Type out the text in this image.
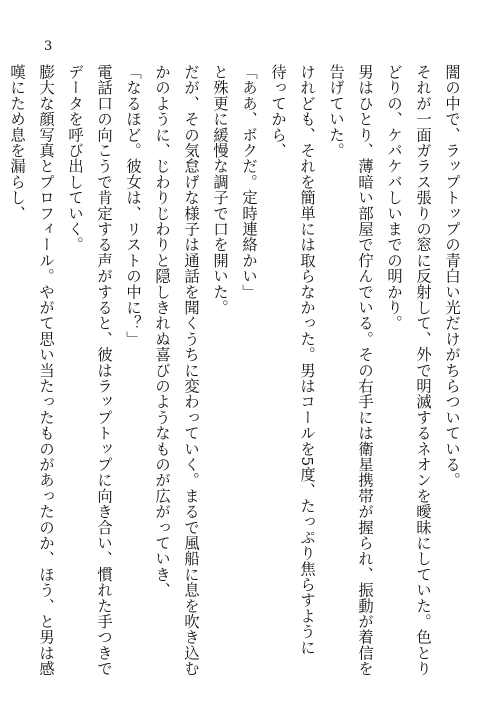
3
闇の中で、ラップトップの青白い光だけがちらついている。
それが一面ガラス張りの窓に反射して、外で明滅するネオンを曖昧にしていた。色とり
どりの、ケバケバしいまでの明かり。
男はひとり、薄暗い部屋で佇んでいる。その右手には衛星携帯が握られ、振動が着信を
告げていた。
けれども、それを簡単には取らなかった。男はコールを5度、たっぷり焦らすように
待ってから、
「ああ、ボクだ。定時連絡かい」
と殊更に緩慢な調子で口を開いた。
だが、その気怠げな様子は通話を聞くうちに変わっていく。まるで風船に息を吹き込む
かのように、じわりじわりと隠しきれぬ喜びのようなものが広がっていき、
「なるほど。彼女は、リストの中に？」
電話口の向こうで肯定する声がすると、彼はラップトップに向き合い、慣れた手つきで
データを呼び出していく。
膨大な顔写真とプロフィール。やがて思い当たったものがあったのか、ほう、と男は感
嘆にため息を漏らし、
